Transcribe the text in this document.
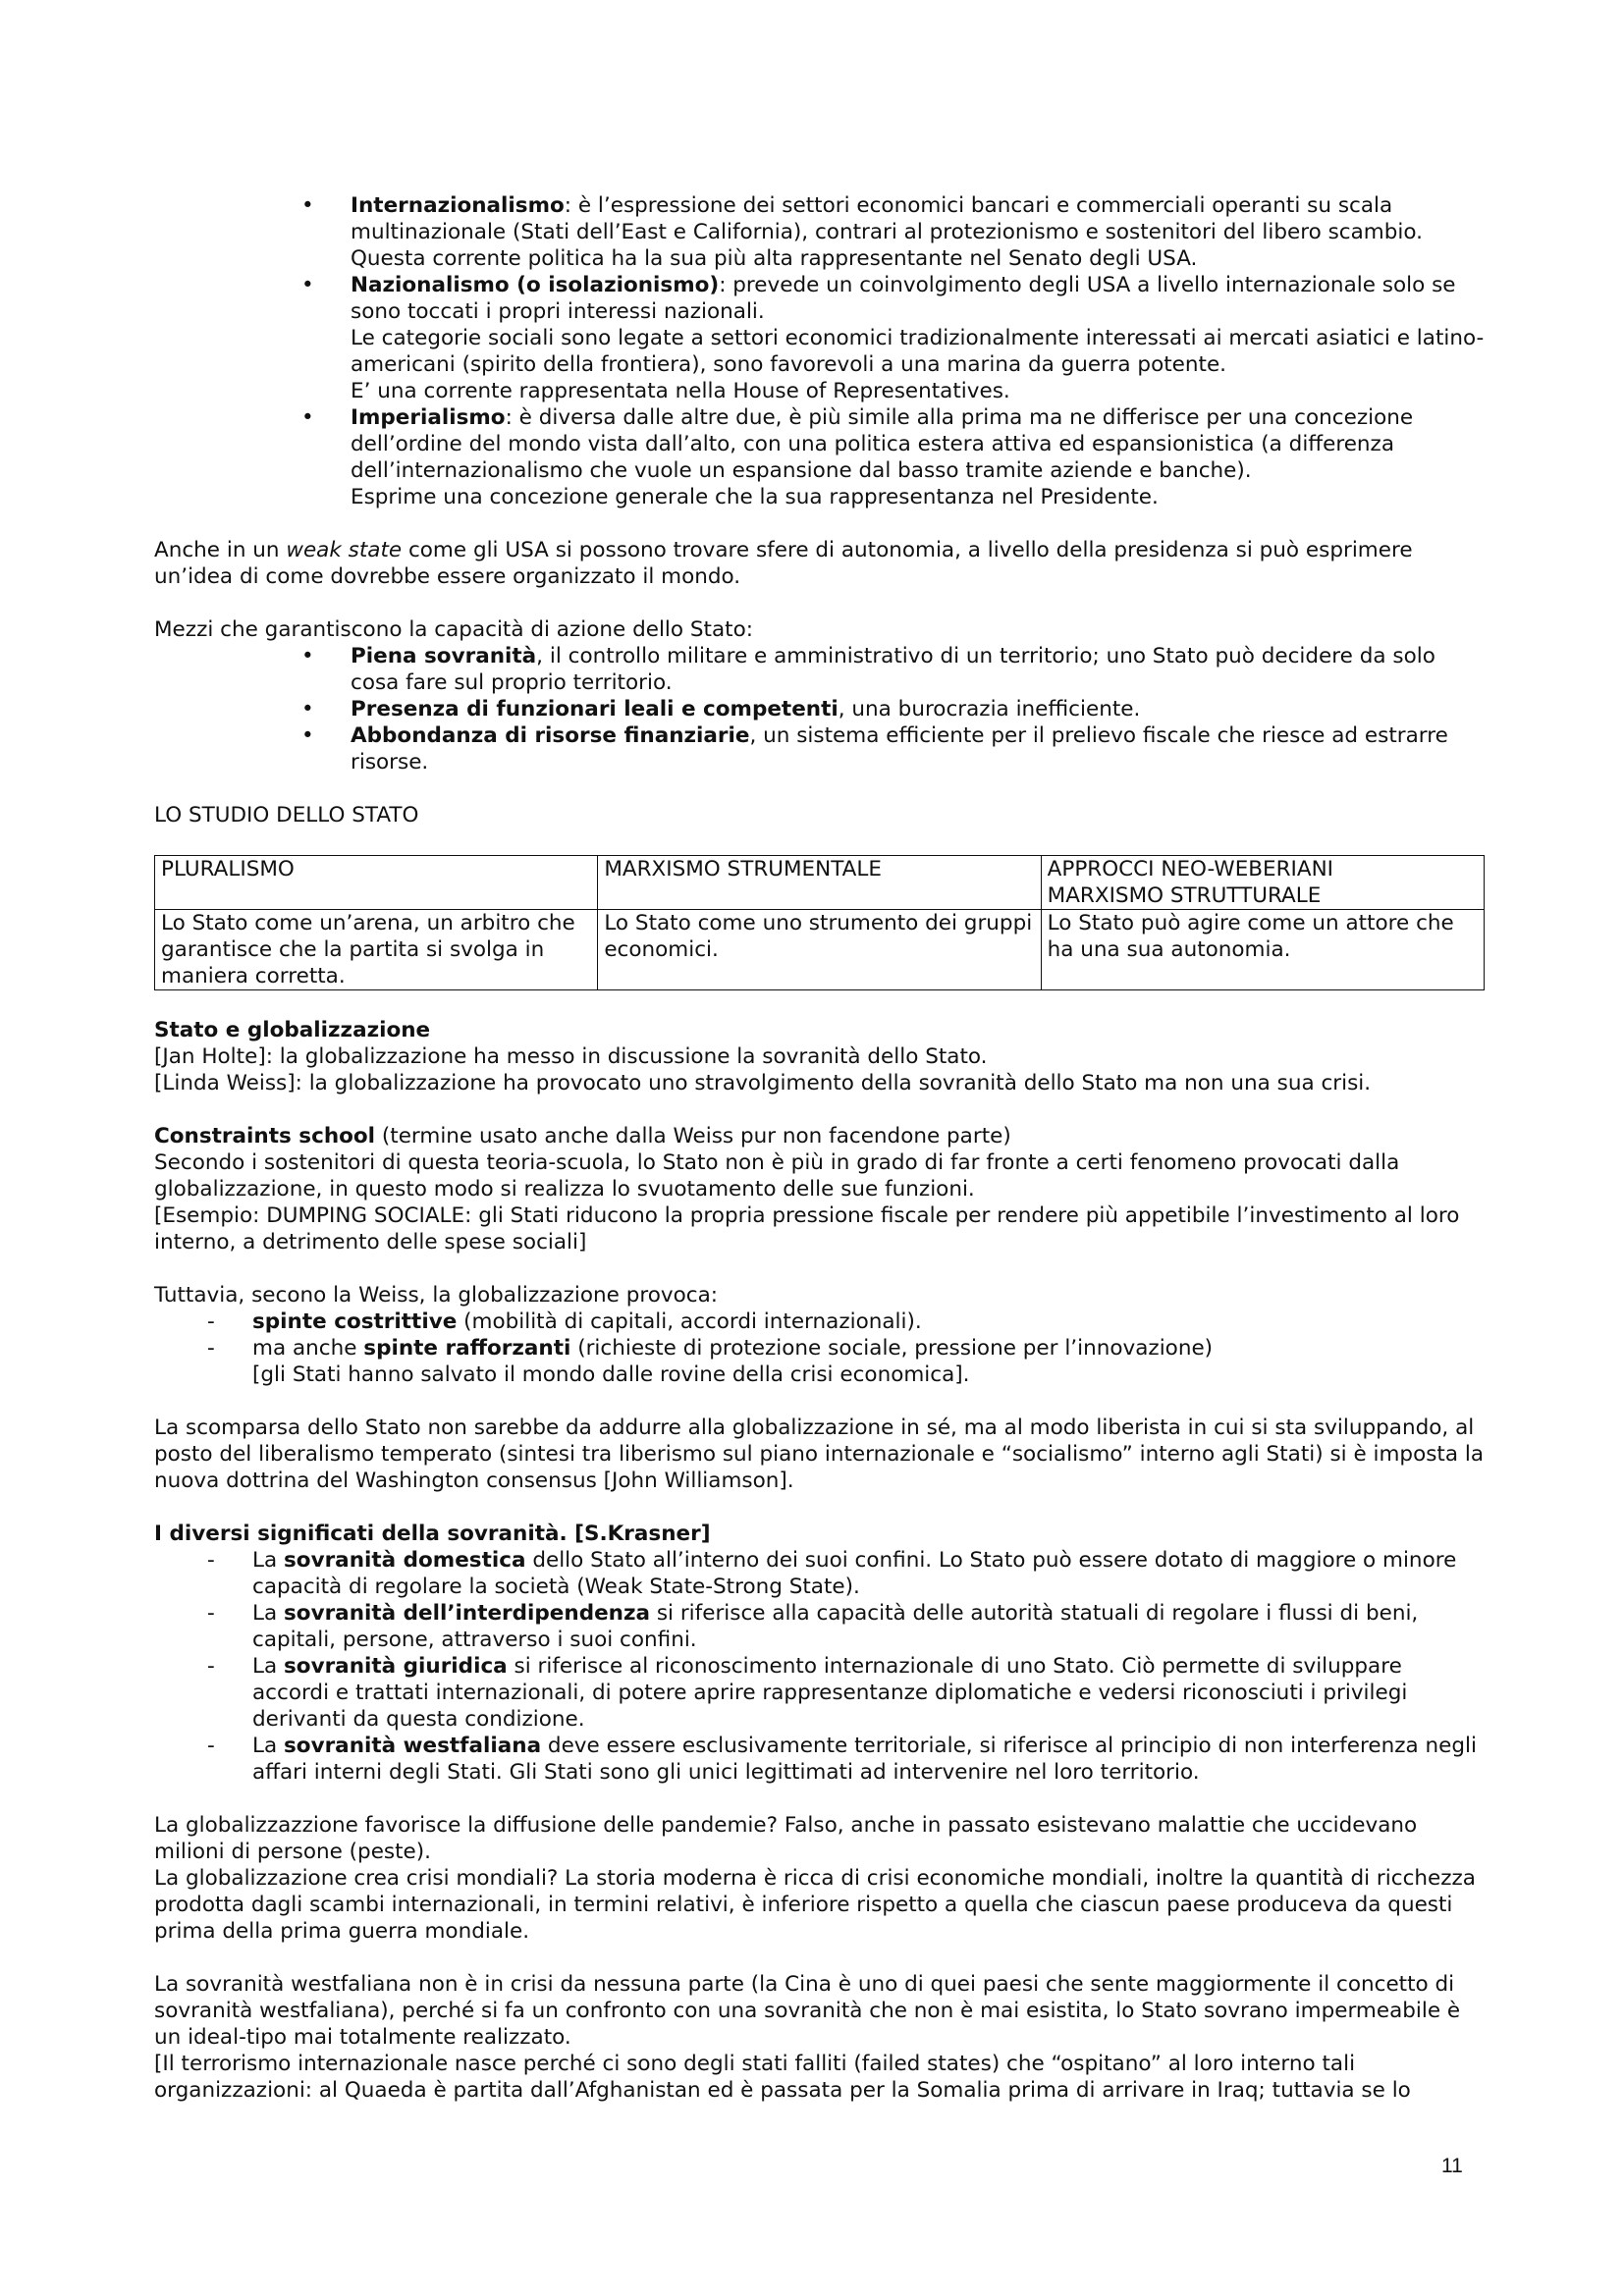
• Internazionalismo: è l’espressione dei settori economici bancari e commerciali operanti su scala multinazionale (Stati dell’East e California), contrari al protezionismo e sostenitori del libero scambio.

Questa corrente politica ha la sua più alta rappresentante nel Senato degli USA.

• Nazionalismo (o isolazionismo): prevede un coinvolgimento degli USA a livello internazionale solo se sono toccati i propri interessi nazionali.

Le categorie sociali sono legate a settori economici tradizionalmente interessati ai mercati asiatici e latino-americani (spirito della frontiera), sono favorevoli a una marina da guerra potente.

E’ una corrente rappresentata nella House of Representatives.

• Imperialismo: è diversa dalle altre due, è più simile alla prima ma ne differisce per una concezione dell’ordine del mondo vista dall’alto, con una politica estera attiva ed espansionistica (a differenza dell’internazionalismo che vuole un espansione dal basso tramite aziende e banche).

Esprime una concezione generale che la sua rappresentanza nel Presidente.

Anche in un weak state come gli USA si possono trovare sfere di autonomia, a livello della presidenza si può esprimere un’idea di come dovrebbe essere organizzato il mondo.

Mezzi che garantiscono la capacità di azione dello Stato:

• Piena sovranità, il controllo militare e amministrativo di un territorio; uno Stato può decidere da solo cosa fare sul proprio territorio.

• Presenza di funzionari leali e competenti, una burocrazia inefficiente.

• Abbondanza di risorse finanziarie, un sistema efficiente per il prelievo fiscale che riesce ad estrarre risorse.

LO STUDIO DELLO STATO

PLURALISMO	MARXISMO STRUMENTALE	APPROCCI NEO-WEBERIANI
MARXISMO STRUTTURALE

Lo Stato come un’arena, un arbitro che garantisce che la partita si svolga in maniera corretta.	Lo Stato come uno strumento dei gruppi economici.	Lo Stato può agire come un attore che ha una sua autonomia.

Stato e globalizzazione

[Jan Holte]: la globalizzazione ha messo in discussione la sovranità dello Stato.

[Linda Weiss]: la globalizzazione ha provocato uno stravolgimento della sovranità dello Stato ma non una sua crisi.

Constraints school (termine usato anche dalla Weiss pur non facendone parte)

Secondo i sostenitori di questa teoria-scuola, lo Stato non è più in grado di far fronte a certi fenomeno provocati dalla globalizzazione, in questo modo si realizza lo svuotamento delle sue funzioni.

[Esempio: DUMPING SOCIALE: gli Stati riducono la propria pressione fiscale per rendere più appetibile l’investimento al loro interno, a detrimento delle spese sociali]

Tuttavia, secono la Weiss, la globalizzazione provoca:

- spinte costrittive (mobilità di capitali, accordi internazionali).

- ma anche spinte rafforzanti (richieste di protezione sociale, pressione per l’innovazione)

[gli Stati hanno salvato il mondo dalle rovine della crisi economica].

La scomparsa dello Stato non sarebbe da addurre alla globalizzazione in sé, ma al modo liberista in cui si sta sviluppando, al posto del liberalismo temperato (sintesi tra liberismo sul piano internazionale e “socialismo” interno agli Stati) si è imposta la nuova dottrina del Washington consensus [John Williamson].

I diversi significati della sovranità. [S.Krasner]

- La sovranità domestica dello Stato all’interno dei suoi confini. Lo Stato può essere dotato di maggiore o minore capacità di regolare la società (Weak State-Strong State).

- La sovranità dell’interdipendenza si riferisce alla capacità delle autorità statuali di regolare i flussi di beni, capitali, persone, attraverso i suoi confini.

- La sovranità giuridica si riferisce al riconoscimento internazionale di uno Stato. Ciò permette di sviluppare accordi e trattati internazionali, di potere aprire rappresentanze diplomatiche e vedersi riconosciuti i privilegi derivanti da questa condizione.

- La sovranità westfaliana deve essere esclusivamente territoriale, si riferisce al principio di non interferenza negli affari interni degli Stati. Gli Stati sono gli unici legittimati ad intervenire nel loro territorio.

La globalizzazzione favorisce la diffusione delle pandemie? Falso, anche in passato esistevano malattie che uccidevano milioni di persone (peste).

La globalizzazione crea crisi mondiali? La storia moderna è ricca di crisi economiche mondiali, inoltre la quantità di ricchezza prodotta dagli scambi internazionali, in termini relativi, è inferiore rispetto a quella che ciascun paese produceva da questi prima della prima guerra mondiale.

La sovranità westfaliana non è in crisi da nessuna parte (la Cina è uno di quei paesi che sente maggiormente il concetto di sovranità westfaliana), perché si fa un confronto con una sovranità che non è mai esistita, lo Stato sovrano impermeabile è un ideal-tipo mai totalmente realizzato.

[Il terrorismo internazionale nasce perché ci sono degli stati falliti (failed states) che “ospitano” al loro interno tali organizzazioni: al Quaeda è partita dall’Afghanistan ed è passata per la Somalia prima di arrivare in Iraq; tuttavia se lo

11
